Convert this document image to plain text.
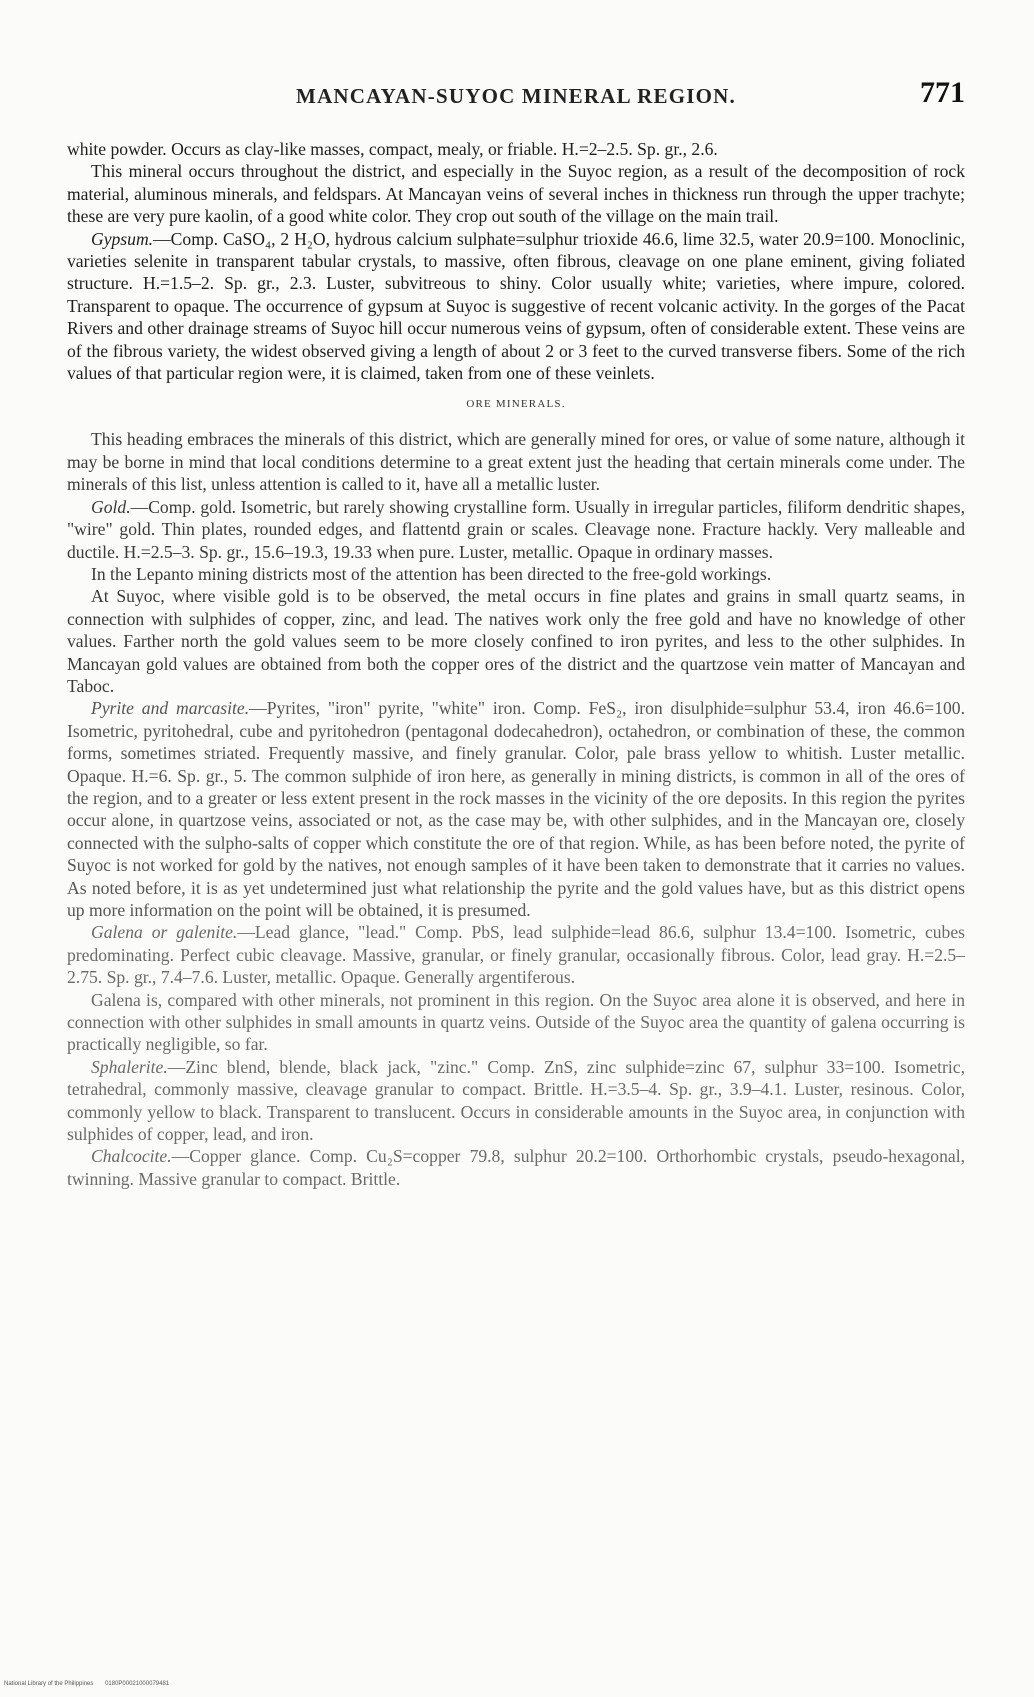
MANCAYAN-SUYOC MINERAL REGION.	771

white powder. Occurs as clay-like masses, compact, mealy, or friable. H.=2–2.5. Sp. gr., 2.6.

This mineral occurs throughout the district, and especially in the Suyoc region, as a result of the decomposition of rock material, aluminous minerals, and feldspars. At Mancayan veins of several inches in thickness run through the upper trachyte; these are very pure kaolin, of a good white color. They crop out south of the village on the main trail.

Gypsum.—Comp. CaSO₄, 2 H₂O, hydrous calcium sulphate=sulphur trioxide 46.6, lime 32.5, water 20.9=100. Monoclinic, varieties selenite in transparent tabular crystals, to massive, often fibrous, cleavage on one plane eminent, giving foliated structure. H.=1.5–2. Sp. gr., 2.3. Luster, subvitreous to shiny. Color usually white; varieties, where impure, colored. Transparent to opaque. The occurrence of gypsum at Suyoc is suggestive of recent volcanic activity. In the gorges of the Pacat Rivers and other drainage streams of Suyoc hill occur numerous veins of gypsum, often of considerable extent. These veins are of the fibrous variety, the widest observed giving a length of about 2 or 3 feet to the curved transverse fibers. Some of the rich values of that particular region were, it is claimed, taken from one of these veinlets.

ORE MINERALS.

This heading embraces the minerals of this district, which are generally mined for ores, or value of some nature, although it may be borne in mind that local conditions determine to a great extent just the heading that certain minerals come under. The minerals of this list, unless attention is called to it, have all a metallic luster.

Gold.—Comp. gold. Isometric, but rarely showing crystalline form. Usually in irregular particles, filiform dendritic shapes, "wire" gold. Thin plates, rounded edges, and flattentd grain or scales. Cleavage none. Fracture hackly. Very malleable and ductile. H.=2.5–3. Sp. gr., 15.6–19.3, 19.33 when pure. Luster, metallic. Opaque in ordinary masses.

In the Lepanto mining districts most of the attention has been directed to the free-gold workings.

At Suyoc, where visible gold is to be observed, the metal occurs in fine plates and grains in small quartz seams, in connection with sulphides of copper, zinc, and lead. The natives work only the free gold and have no knowledge of other values. Farther north the gold values seem to be more closely confined to iron pyrites, and less to the other sulphides. In Mancayan gold values are obtained from both the copper ores of the district and the quartzose vein matter of Mancayan and Taboc.

Pyrite and marcasite.—Pyrites, "iron" pyrite, "white" iron. Comp. FeS₂, iron disulphide=sulphur 53.4, iron 46.6=100. Isometric, pyritohedral, cube and pyritohedron (pentagonal dodecahedron), octahedron, or combination of these, the common forms, sometimes striated. Frequently massive, and finely granular. Color, pale brass yellow to whitish. Luster metallic. Opaque. H.=6. Sp. gr., 5. The common sulphide of iron here, as generally in mining districts, is common in all of the ores of the region, and to a greater or less extent present in the rock masses in the vicinity of the ore deposits. In this region the pyrites occur alone, in quartzose veins, associated or not, as the case may be, with other sulphides, and in the Mancayan ore, closely connected with the sulpho-salts of copper which constitute the ore of that region. While, as has been before noted, the pyrite of Suyoc is not worked for gold by the natives, not enough samples of it have been taken to demonstrate that it carries no values. As noted before, it is as yet undetermined just what relationship the pyrite and the gold values have, but as this district opens up more information on the point will be obtained, it is presumed.

Galena or galenite.—Lead glance, "lead." Comp. PbS, lead sulphide=lead 86.6, sulphur 13.4=100. Isometric, cubes predominating. Perfect cubic cleavage. Massive, granular, or finely granular, occasionally fibrous. Color, lead gray. H.=2.5–2.75. Sp. gr., 7.4–7.6. Luster, metallic. Opaque. Generally argentiferous.

Galena is, compared with other minerals, not prominent in this region. On the Suyoc area alone it is observed, and here in connection with other sulphides in small amounts in quartz veins. Outside of the Suyoc area the quantity of galena occurring is practically negligible, so far.

Sphalerite.—Zinc blend, blende, black jack, "zinc." Comp. ZnS, zinc sulphide=zinc 67, sulphur 33=100. Isometric, tetrahedral, commonly massive, cleavage granular to compact. Brittle. H.=3.5–4. Sp. gr., 3.9–4.1. Luster, resinous. Color, commonly yellow to black. Transparent to translucent. Occurs in considerable amounts in the Suyoc area, in conjunction with sulphides of copper, lead, and iron.

Chalcocite.—Copper glance. Comp. Cu₂S=copper 79.8, sulphur 20.2=100. Orthorhombic crystals, pseudo-hexagonal, twinning. Massive granular to compact. Brittle.

National Library of the Philippines 0180P00021000079481
